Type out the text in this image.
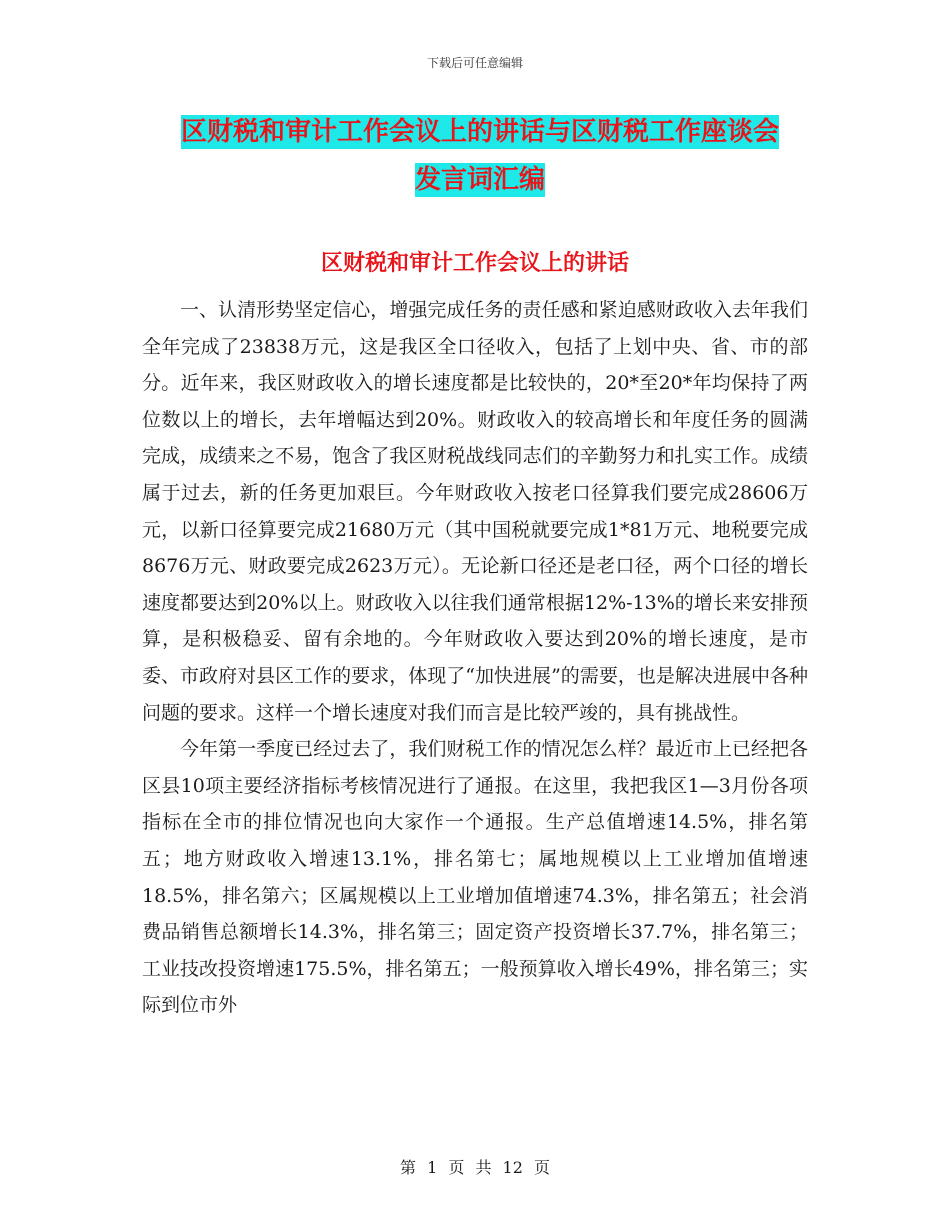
下载后可任意编辑
区财税和审计工作会议上的讲话与区财税工作座谈会
发言词汇编
区财税和审计工作会议上的讲话

一、认清形势坚定信心，增强完成任务的责任感和紧迫感财政收入去年我们全年完成了23838万元，这是我区全口径收入，包括了上划中央、省、市的部分。近年来，我区财政收入的增长速度都是比较快的，20*至20*年均保持了两位数以上的增长，去年增幅达到20%。财政收入的较高增长和年度任务的圆满完成，成绩来之不易，饱含了我区财税战线同志们的辛勤努力和扎实工作。成绩属于过去，新的任务更加艰巨。今年财政收入按老口径算我们要完成28606万元，以新口径算要完成21680万元（其中国税就要完成1*81万元、地税要完成8676万元、财政要完成2623万元）。无论新口径还是老口径，两个口径的增长速度都要达到20%以上。财政收入以往我们通常根据12%-13%的增长来安排预算，是积极稳妥、留有余地的。今年财政收入要达到20%的增长速度，是市委、市政府对县区工作的要求，体现了“加快进展”的需要，也是解决进展中各种问题的要求。这样一个增长速度对我们而言是比较严竣的，具有挑战性。

今年第一季度已经过去了，我们财税工作的情况怎么样？最近市上已经把各区县10项主要经济指标考核情况进行了通报。在这里，我把我区1—3月份各项指标在全市的排位情况也向大家作一个通报。生产总值增速14.5%，排名第五；地方财政收入增速13.1%，排名第七；属地规模以上工业增加值增速18.5%，排名第六；区属规模以上工业增加值增速74.3%，排名第五；社会消费品销售总额增长14.3%，排名第三；固定资产投资增长37.7%，排名第三；工业技改投资增速175.5%，排名第五；一般预算收入增长49%，排名第三；实际到位市外

第 1 页 共 12 页
